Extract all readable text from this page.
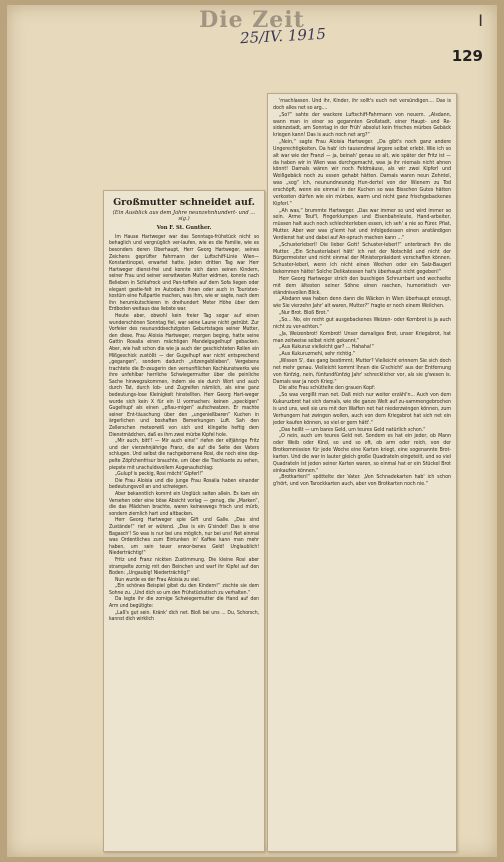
Die Zeit
25/IV. 1915
I
129
Großmutter schneidet auf.
(Ein Ausblick aus dem Jahre neunzehnhundert- und ... sig.)
Von F. St. Gunther.

Im Hause Hartweger war das Sonntags-frühstück nicht so behaglich und vergnüglich ver-laufen, wie es die Familie, wie es besonders deren Oberhaupt, Herr Georg Hartweger, seines Zeichens geprüfter Fahrmann der Luftschiff-Linie Wien—Konstantinopel, erwartet hatte. Jeden dritten Tag war Herr Hartweger dienst-frei und konnte sich dann seinen Kindern, seiner Frau und seiner verwitweten Mutter widmen, konnte nach Belieben in Schlafrock und Pan-toffeln auf dem Sofa liegen oder elegant gestie-felt im Autodach ihnen oder auch in Touristen-kostüm eine Fußpartie machen, was ihm, wie er sagte, nach dem ihn herumkutschieren in dreihundert Meter Höhe über dem Erdboden weitaus das liebste war.

Heute aber, obwohl kein freier Tag sogar auf einen wunderschönen Sonntag fiel, war seine Laune nicht getrübt. Zur Vorfeier des neununddsechzigsten Geburtstages seiner Mutter, den diese, Frau Aloisia Hartweger, morgen beging, hatte seine Gattin Rosalia einen mächtigen Mandelgugelhupf gebacken. Aber, wie halt schon die wie ja auch der geschichteten Rollen ein Mißgeschick zustößt — der Gugelhupf war nicht entsprechend „gegangen“, sondern dadurch „sitzengeblieben“. Vergebens trachtete die Er-zeugerin den vernunftlichen Kochkunstwerks wie ihre unfehlbar herrliche Schwiegermutter über die peinliche Sache hinwegzukommen, indem sie sie durch Wort und auch durch Tat, durch lob- und Zugreifen nämlich, als eine ganz bedeutungs-lose Kleinigkeit hinstellten. Herr Georg Hart-weger wurde sich kein X für ein U vormachen: keinen „speckigen“ Gugelhupf als einen „pflau-migen“ aufschwatzen. Er machte seiner Ent-täuschung über den „ungenießbaren“ Kuchen in ärgerlichen und boshaften Bemerkungen Luft. Sah den Zellerschen meteorwiß von sich und klingelte heftig dem Dienstmädchen, daß es ihm zwei mürbe Kipfel hole.

„Mir auch, bitt'! — Mir auch eins!“ riefen der elfjährige Fritz und der vierzehnjährige Franz, die auf die Seite des Vaters schlugen. Und selbst die nachgebornene Rosi, die noch eine dop-pelte Zöpfchenfrisur brauchte, um über die Tischkante zu sehen, piepste mit unschuldsvollem Augenaufschlag:

„Gulupf is peckig, Rosi möcht' Gipferl!“

Die Frau Aloisia und die junge Frau Rosalia haben einander bedeutungsvoll an und schwiegen.

Aber bekanntlich kommt ein Unglück selten allein. Es kam ein Versehen oder eine böse Absicht vorlag — genug, die „Marken“, die das Mädchen brachte, waren keineswegs frisch und mürb, sondern ziemlich hart und altbacken.

Herr Georg Hartweger spie Gift und Galle. „Das sind Zustände!“ rief er wütend. „Das is ein G'sindel! Das is eine Bagasch'! So was is nur bei uns möglich, nur bei uns! Net einmal was Ordentliches zum Eintunken in' Kaffee kann man mehr haben, um sein teuer erwor-benes Geld! Unglaublich! Niederträchtig!“

Fritz und Franz nickten Zustimmung. Die kleine Rosi aber strampelte zornig mit den Beinchen und warf ihr Kipfel auf den Boden: „Ungaubig! Niederträchtig!“

Nun wurde es der Frau Aloisia zu viel.

„Ein schönes Beispiel gibst du den Kindern!“ zischte sie dem Sohne zu. „Und dich so um den Frühstückstisch zu verhalten.“

Da legte ihr die zornige Schwiegermutter die Hand auf den Arm und begütigte:

„Laß's gut sein. Kränk' dich net. Bloß bei uns ... Du, Schorsch, kannst dich wirklich

'rnachlassen. Und ihr, Kinder, ihr sollt's euch net versündigen.... Das is doch alles net so arg....

„So?“ sahte der wackere Luftschiff-Fahrmann von neuem. „Alsdann, wann man in einer so gegannten Großstadt, einer Haupt- und Re-sidenzstadt, am Sonntag in der Früh' absolut kein frisches mürbes Gebäck kriegen kann! Das is auch noch net arg?“

„Nein,“ sagte Frau Aloisia Hartweger. „Da gibt's noch ganz andere Ungerechtigkeiten. Da hab' ich tausendmal ärgere selbst erlebt. Wie ich so alt war wie der Franzl — ja, beinah' genau so alt, wie später der Fritz ist — da haben wir in Wien was durchgemacht, was ja ihr niemals nicht ahnen könnt! Damals wären wir noch Feldmäuse, als wir zwei Kipferl und Weißgebäck noch zu essen gehabt hätten. Damals waren neun Zehntel, was „sog“ ich, neunundneunzig Hun-dertel von der Wienern zu Tod erschöpft, wenn sie einmal in der Kuchen so was Bisschen Gutes hätten verkosten dürfen wie ein mürbes, warm und nicht ganz frischgebackenes Kipferl.“

„Ah was,“ brummte Hartweger. „Das war immer so und wird immer so sein. Arme Teuf'l, Fingerklumpen und Eisenbahnleute, Hand-arbeiter, müssen halt auch noch schlechterleben essen, ich seh' a nie so Fürer. Pfiat, Mutter. Aber wer was g'lernt hat und infolgedessen einen anständigen Verdienst hat und dabei auf An-spruch machen kann ...“

„Schusterleberl! Die lieber Gott! Schuster-leberl!“ unterbrach ihn die Mutter. „Ein Schusterlaberl hätt' ich net der Notschild und nicht der Bürgermeister und nicht einmal der Ministerpräsident verschaffen können. Schuster-leberl, wenn ich nicht einen Wochen oder ein Salz-Baugerl bekommen hätte! Solche Delikatessen hat's überhaupt nicht gegeben!“

Herr Georg Hartweger strich den buschigen Schnurrbart und wechselte mit dem ältesten seiner Söhne einen raschen, humoristisch ver-ständnisvollen Blick.

„Alsdann was haben denn dann die Wäcken in Wien überhaupt erzeugt, wie Sie vierzehn Jahr' alt waren, Mutter?“ fragte er noch einem Weilchen.

„Nur Brot. Bloß Brot.“

„So... No, ein recht gut ausgebackenes Weizen- oder Kornbrot is ja auch nicht zu ver-achten.“

„Ja, Weizenbrot! Kornbrot! Unser damaliges Brot, unser Kriegsbrot, hat man zeitweise selbst nicht gekannt.“

„Aus Kukuruz vielleicht gar? ... Hahaha!“

„Aus Kukuruzmehl, sehr richtig.“

„Wissen S', das gang bestimmt, Mutter? Vielleicht erinnern Sie sich doch net mehr genau. Vielleicht kommt Ihnen die G'schicht' aus der Entfernung von fünfzig, nein, fünfundfünfzig Jahr' schrecklicher vor, als sie g'wesen is. Damals war ja noch Krieg.“

Die alte Frau schüttelte den grauen Kopf:

„So was vergißt man net. Daß mich nur weiter erzähl'n... Auch von dem Kukuruzbrot hat sich damals, wie die ganze Welt auf zu-sammengebrochen is und uns, weil sie uns mit den Waffen net hat niederzwingen können, zum Verhungern hat zwingen wollen, auch von dem Kriegsbrot hat sich net ein jeder kaufen können, so viel er gern hätt'.“

„Das heißt — um bares Geld, um teures Geld natürlich schon.“

„O nein, auch um teures Geld net. Sondern es hat ein jeder, ob Mann oder Weib oder Kind, so und so oft, ob arm oder reich, von der Brotkommission für jede Woche eine Karten kriegt, eine sogenannte Brot-karten. Und die war in lauter gleich große Quadrateln eingeteilt, und so viel Quadrateln ist jeden seiner Karten waren, so einmal hat er ein Stückel Brot einkaufen können.“

„Brotkarten!“ spöttelte der Vater. „Von Schnadekarten hab' ich schon g'hört, und von Tarockkarten auch, aber von Brotkarten noch nie.“
